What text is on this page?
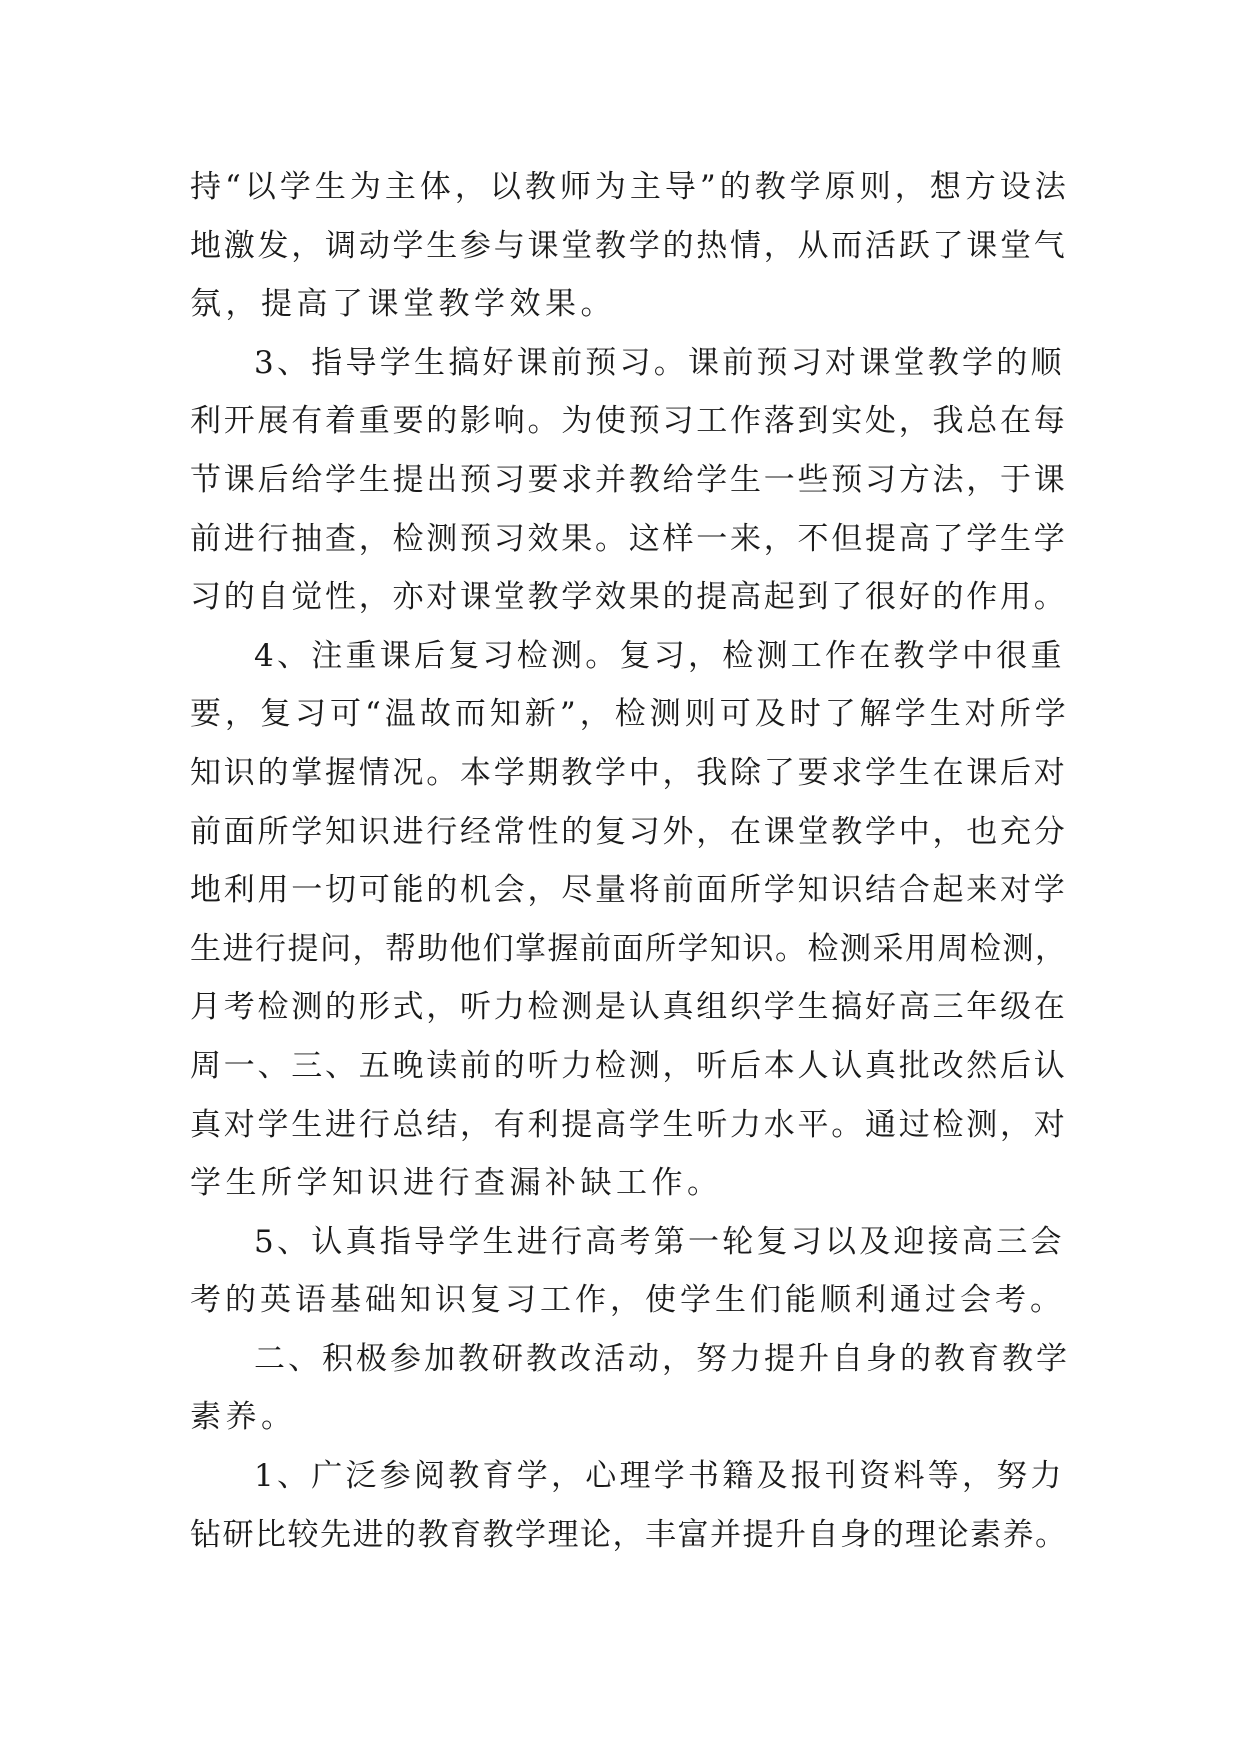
持“以学生为主体，以教师为主导”的教学原则，想方设法
地激发，调动学生参与课堂教学的热情，从而活跃了课堂气
氛，提高了课堂教学效果。
3、指导学生搞好课前预习。课前预习对课堂教学的顺
利开展有着重要的影响。为使预习工作落到实处，我总在每
节课后给学生提出预习要求并教给学生一些预习方法，于课
前进行抽查，检测预习效果。这样一来，不但提高了学生学
习的自觉性，亦对课堂教学效果的提高起到了很好的作用。
4、注重课后复习检测。复习，检测工作在教学中很重
要，复习可“温故而知新”，检测则可及时了解学生对所学
知识的掌握情况。本学期教学中，我除了要求学生在课后对
前面所学知识进行经常性的复习外，在课堂教学中，也充分
地利用一切可能的机会，尽量将前面所学知识结合起来对学
生进行提问，帮助他们掌握前面所学知识。检测采用周检测，
月考检测的形式，听力检测是认真组织学生搞好高三年级在
周一、三、五晚读前的听力检测，听后本人认真批改然后认
真对学生进行总结，有利提高学生听力水平。通过检测，对
学生所学知识进行查漏补缺工作。
5、认真指导学生进行高考第一轮复习以及迎接高三会
考的英语基础知识复习工作，使学生们能顺利通过会考。
二、积极参加教研教改活动，努力提升自身的教育教学
素养。
1、广泛参阅教育学，心理学书籍及报刊资料等，努力
钻研比较先进的教育教学理论，丰富并提升自身的理论素养。
